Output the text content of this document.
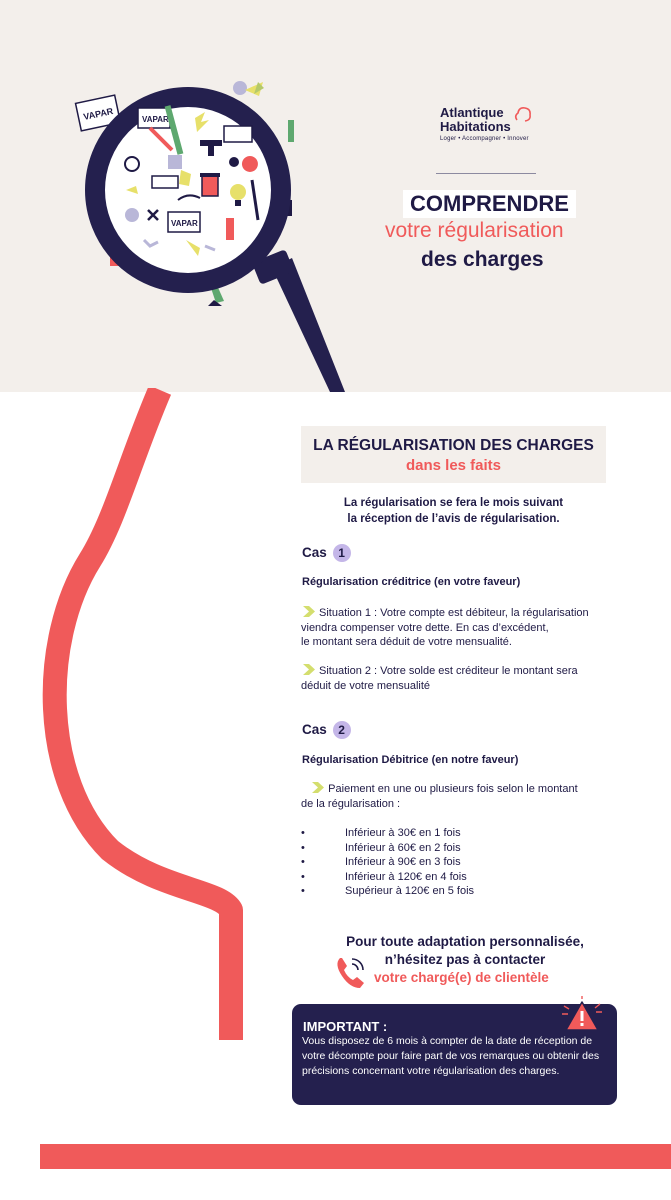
VAPAR	VAPAR
VAPAR
Atlantique
Habitations
Loger • Accompagner • Innover
COMPRENDRE
votre régularisation
des charges
LA RÉGULARISATION DES CHARGES
dans les faits
La régularisation se fera le mois suivant
la réception de l’avis de régularisation.
Cas 1
Régularisation créditrice (en votre faveur)
Situation 1 : Votre compte est débiteur, la régularisation
viendra compenser votre dette. En cas d’excédent,
le montant sera déduit de votre mensualité.
Situation 2 : Votre solde est créditeur le montant sera
déduit de votre mensualité
Cas 2
Régularisation Débitrice (en notre faveur)
Paiement en une ou plusieurs fois selon le montant
de la régularisation :
• Inférieur à 30€ en 1 fois
• Inférieur à 60€ en 2 fois
• Inférieur à 90€ en 3 fois
• Inférieur à 120€ en 4 fois
• Supérieur à 120€ en 5 fois
Pour toute adaptation personnalisée,
n’hésitez pas à contacter
votre chargé(e) de clientèle
IMPORTANT :
Vous disposez de 6 mois à compter de la date de réception de votre décompte pour faire part de vos remarques ou obtenir des précisions concernant votre régularisation des charges.
